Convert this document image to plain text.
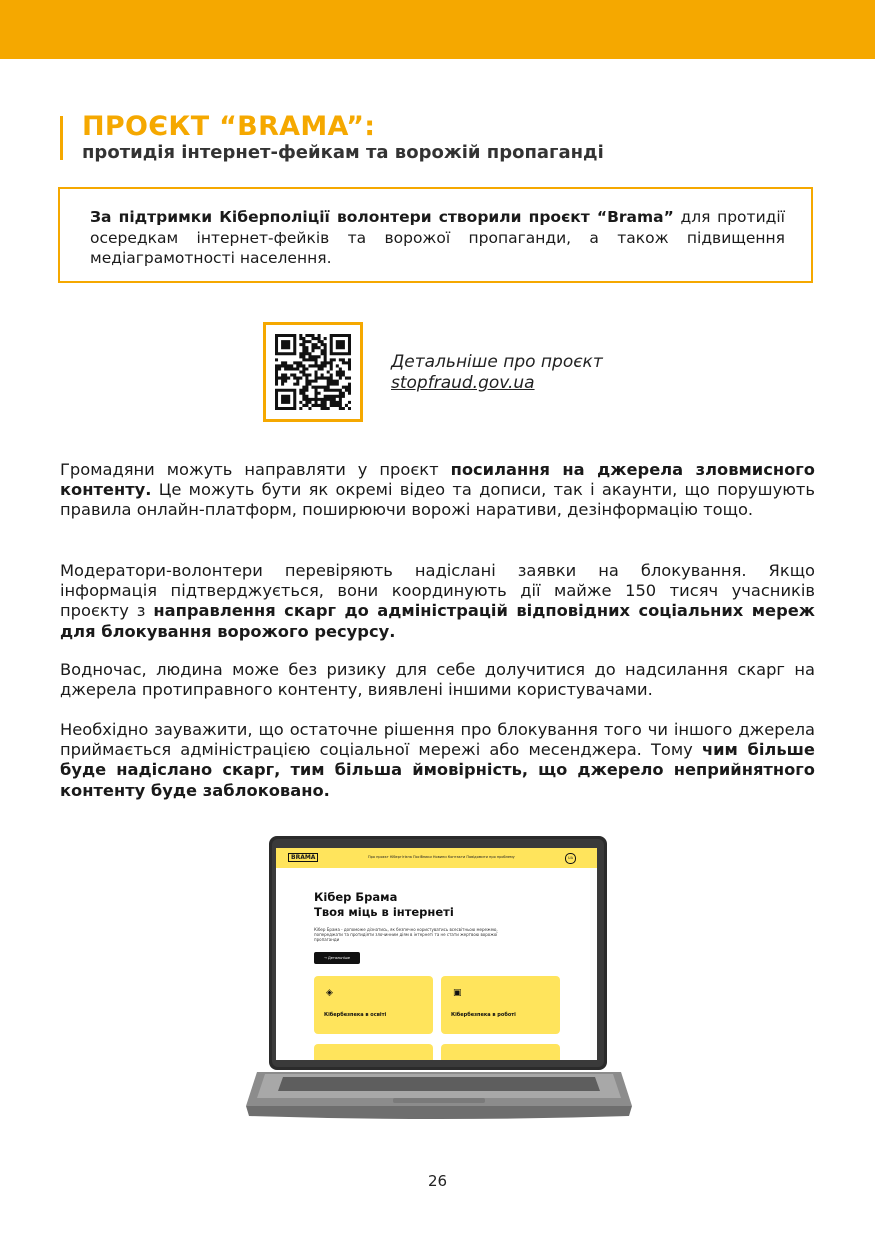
ПРОЄКТ “BRAMA”:
протидія інтернет-фейкам та ворожій пропаганді

За підтримки Кіберполіції волонтери створили проєкт “Brama” для протидії осередкам інтернет-фейків та ворожої пропаганди, а також підвищення медіаграмотності населення.

Детальніше про проєкт
stopfraud.gov.ua

Громадяни можуть направляти у проєкт посилання на джерела зловмисного контенту. Це можуть бути як окремі відео та дописи, так і акаунти, що порушують правила онлайн-платформ, поширюючи ворожі наративи, дезінформацію тощо.

Модератори-волонтери перевіряють надіслані заявки на блокування. Якщо інформація підтверджується, вони координують дії майже 150 тисяч учасників проєкту з направлення скарг до адміністрацій відповідних соціальних мереж для блокування ворожого ресурсу.

Водночас, людина може без ризику для себе долучитися до надсилання скарг на джерела протиправного контенту, виявлені іншими користувачами.

Необхідно зауважити, що остаточне рішення про блокування того чи іншого джерела приймається адміністрацією соціальної мережі або месенджера. Тому чим більше буде надіслано скарг, тим більша ймовірність, що джерело неприйнятного контенту буде заблоковано.

BRAMA	Про проєкт Кібергігієна Посібники Новини Контакти Повідомити про проблему	UA
Кібер Брама
Твоя міць в інтернеті
Кібер Брама - допоможе дізнатись, як безпечно користуватись всесвітньою мережею, попереджати та протидіяти злочинним діям в інтернеті та не стати жертвою ворожої пропаганди
→ Детальніше
◈
Кібербезпека в освіті
▣
Кібербезпека в роботі
26
